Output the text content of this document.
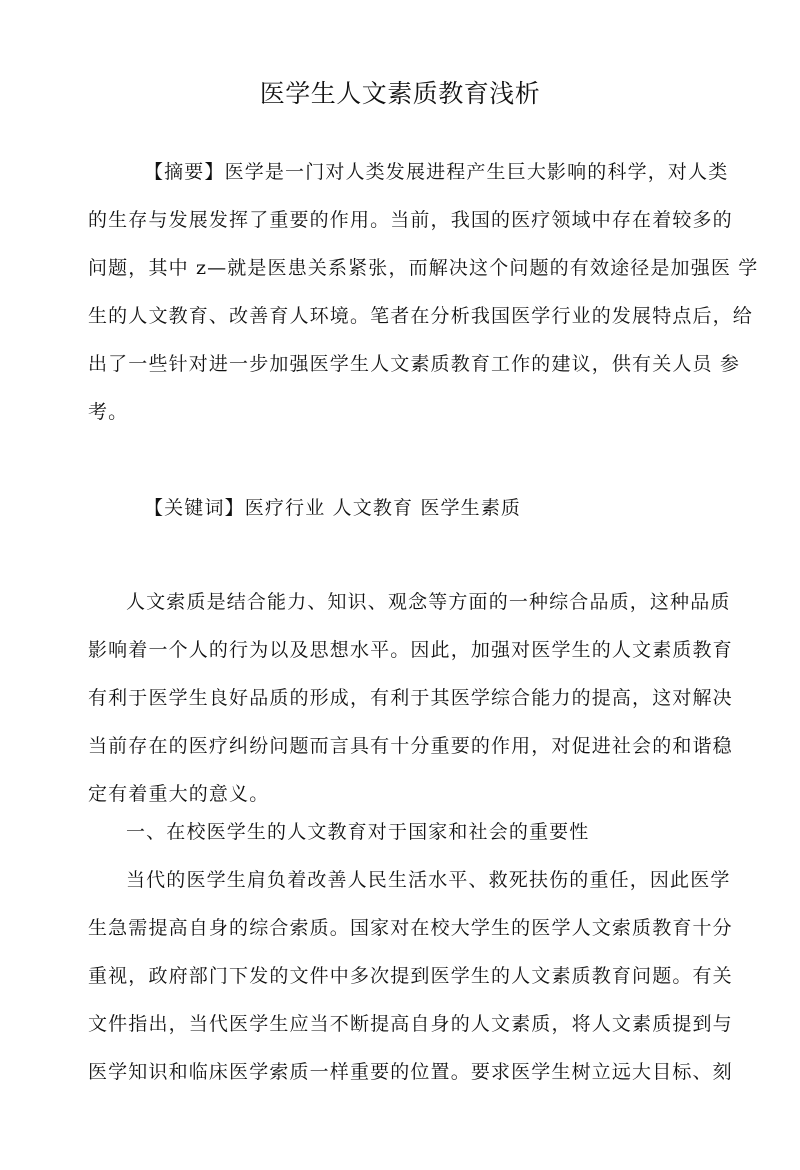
医学生人文素质教育浅析
【摘要】医学是一门对人类发展进程产生巨大影响的科学，对人类
的生存与发展发挥了重要的作用。当前，我国的医疗领域中存在着较多的
问题，其中 z—就是医患关系紧张，而解决这个问题的有效途径是加强医 学
生的人文教育、改善育人环境。笔者在分析我国医学行业的发展特点后，给
出了一些针对进一步加强医学生人文素质教育工作的建议，供有关人员 参
考。
【关键词】医疗行业 人文教育 医学生素质
人文索质是结合能力、知识、观念等方面的一种综合品质，这种品质
影响着一个人的行为以及思想水平。因此，加强对医学生的人文素质教育
有利于医学生良好品质的形成，有利于其医学综合能力的提高，这对解决
当前存在的医疗纠纷问题而言具有十分重要的作用，对促进社会的和谐稳
定有着重大的意义。
一、在校医学生的人文教育对于国家和社会的重要性
当代的医学生肩负着改善人民生活水平、救死扶伤的重任，因此医学
生急需提高自身的综合索质。国家对在校大学生的医学人文索质教育十分
重视，政府部门下发的文件中多次提到医学生的人文素质教育问题。有关
文件指出，当代医学生应当不断提高自身的人文素质，将人文素质提到与
医学知识和临床医学索质一样重要的位置。要求医学生树立远大目标、刻
